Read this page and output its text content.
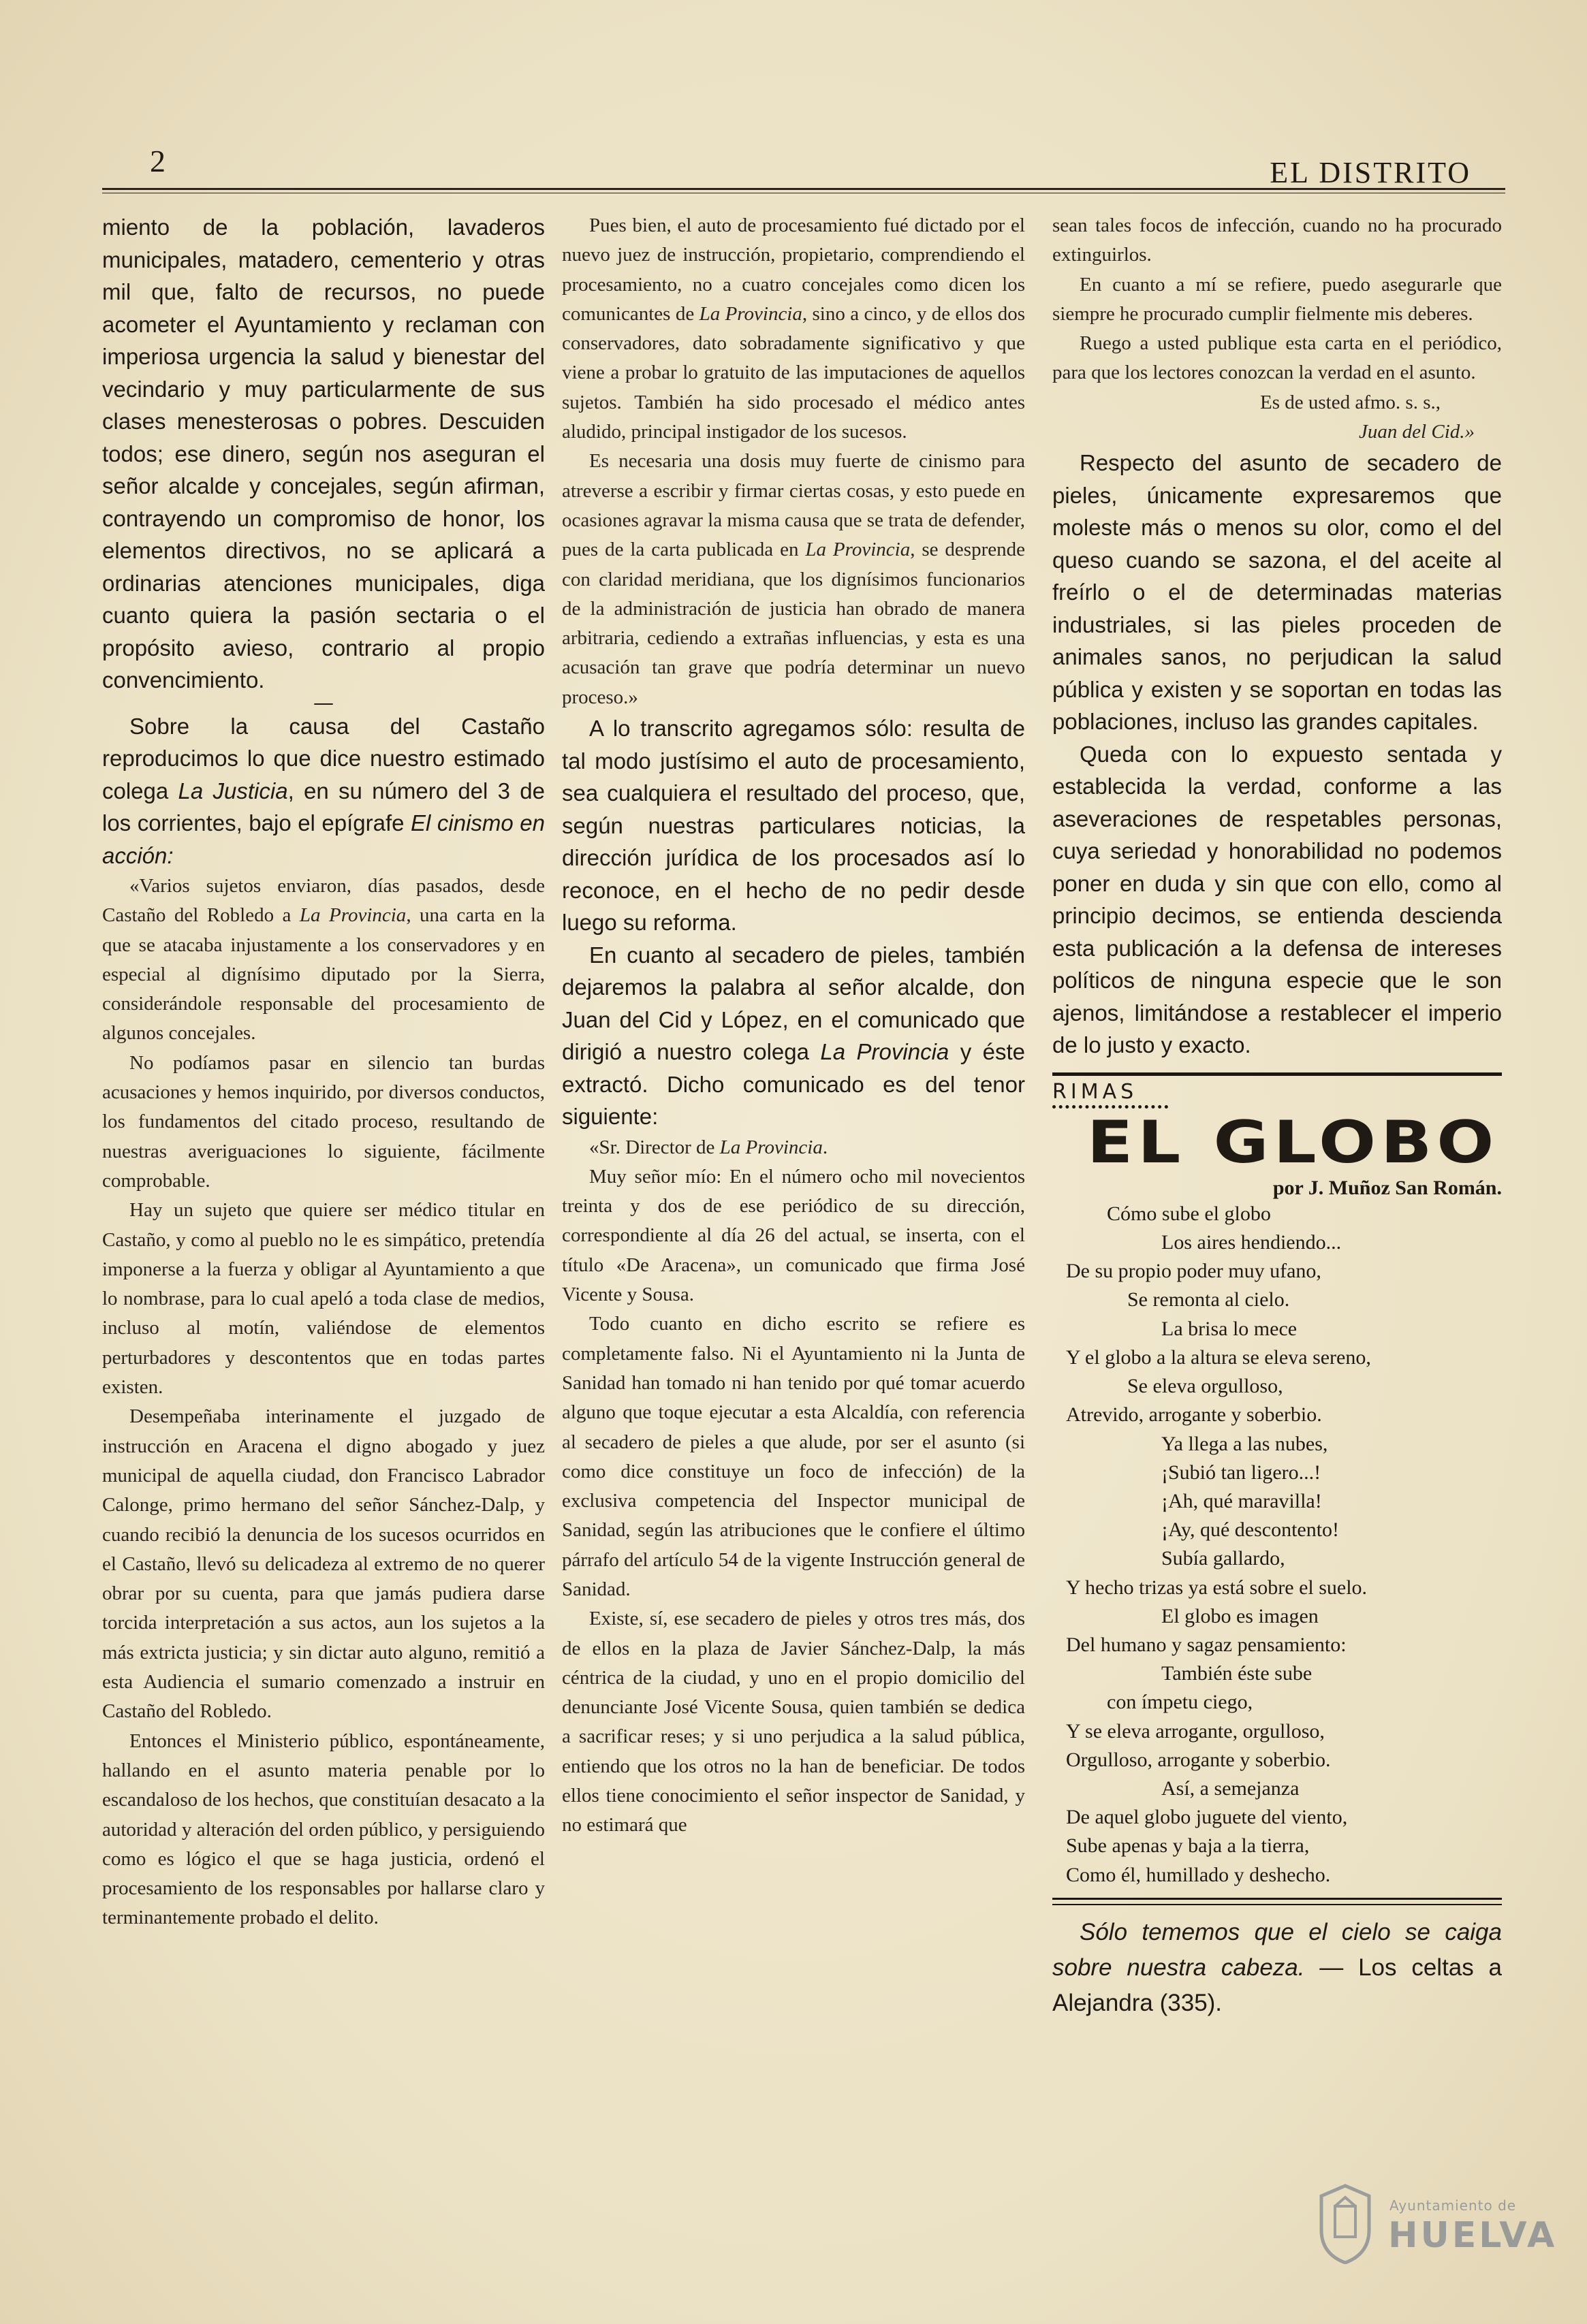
2	EL DISTRITO

miento de la población, lavaderos municipales, matadero, cementerio y otras mil que, falto de recursos, no puede acometer el Ayuntamiento y reclaman con imperiosa urgencia la salud y bienestar del vecindario y muy particularmente de sus clases menesterosas o pobres. Descuiden todos; ese dinero, según nos aseguran el señor alcalde y concejales, según afirman, contrayendo un compromiso de honor, los elementos directivos, no se aplicará a ordinarias atenciones municipales, diga cuanto quiera la pasión sectaria o el propósito avieso, contrario al propio convencimiento.

—

Sobre la causa del Castaño reproducimos lo que dice nuestro estimado colega La Justicia, en su número del 3 de los corrientes, bajo el epígrafe El cinismo en acción:

«Varios sujetos enviaron, días pasados, desde Castaño del Robledo a La Provincia, una carta en la que se atacaba injustamente a los conservadores y en especial al dignísimo diputado por la Sierra, considerándole responsable del procesamiento de algunos concejales.

No podíamos pasar en silencio tan burdas acusaciones y hemos inquirido, por diversos conductos, los fundamentos del citado proceso, resultando de nuestras averiguaciones lo siguiente, fácilmente comprobable.

Hay un sujeto que quiere ser médico titular en Castaño, y como al pueblo no le es simpático, pretendía imponerse a la fuerza y obligar al Ayuntamiento a que lo nombrase, para lo cual apeló a toda clase de medios, incluso al motín, valiéndose de elementos perturbadores y descontentos que en todas partes existen.

Desempeñaba interinamente el juzgado de instrucción en Aracena el digno abogado y juez municipal de aquella ciudad, don Francisco Labrador Calonge, primo hermano del señor Sánchez-Dalp, y cuando recibió la denuncia de los sucesos ocurridos en el Castaño, llevó su delicadeza al extremo de no querer obrar por su cuenta, para que jamás pudiera darse torcida interpretación a sus actos, aun los sujetos a la más extricta justicia; y sin dictar auto alguno, remitió a esta Audiencia el sumario comenzado a instruir en Castaño del Robledo.

Entonces el Ministerio público, espontáneamente, hallando en el asunto materia penable por lo escandaloso de los hechos, que constituían desacato a la autoridad y alteración del orden público, y persiguiendo como es lógico el que se haga justicia, ordenó el procesamiento de los responsables por hallarse claro y terminantemente probado el delito.

Pues bien, el auto de procesamiento fué dictado por el nuevo juez de instrucción, propietario, comprendiendo el procesamiento, no a cuatro concejales como dicen los comunicantes de La Provincia, sino a cinco, y de ellos dos conservadores, dato sobradamente significativo y que viene a probar lo gratuito de las imputaciones de aquellos sujetos. También ha sido procesado el médico antes aludido, principal instigador de los sucesos.

Es necesaria una dosis muy fuerte de cinismo para atreverse a escribir y firmar ciertas cosas, y esto puede en ocasiones agravar la misma causa que se trata de defender, pues de la carta publicada en La Provincia, se desprende con claridad meridiana, que los dignísimos funcionarios de la administración de justicia han obrado de manera arbitraria, cediendo a extrañas influencias, y esta es una acusación tan grave que podría determinar un nuevo proceso.»

A lo transcrito agregamos sólo: resulta de tal modo justísimo el auto de procesamiento, sea cualquiera el resultado del proceso, que, según nuestras particulares noticias, la dirección jurídica de los procesados así lo reconoce, en el hecho de no pedir desde luego su reforma.

En cuanto al secadero de pieles, también dejaremos la palabra al señor alcalde, don Juan del Cid y López, en el comunicado que dirigió a nuestro colega La Provincia y éste extractó. Dicho comunicado es del tenor siguiente:

«Sr. Director de La Provincia.

Muy señor mío: En el número ocho mil novecientos treinta y dos de ese periódico de su dirección, correspondiente al día 26 del actual, se inserta, con el título «De Aracena», un comunicado que firma José Vicente y Sousa.

Todo cuanto en dicho escrito se refiere es completamente falso. Ni el Ayuntamiento ni la Junta de Sanidad han tomado ni han tenido por qué tomar acuerdo alguno que toque ejecutar a esta Alcaldía, con referencia al secadero de pieles a que alude, por ser el asunto (si como dice constituye un foco de infección) de la exclusiva competencia del Inspector municipal de Sanidad, según las atribuciones que le confiere el último párrafo del artículo 54 de la vigente Instrucción general de Sanidad.

Existe, sí, ese secadero de pieles y otros tres más, dos de ellos en la plaza de Javier Sánchez-Dalp, la más céntrica de la ciudad, y uno en el propio domicilio del denunciante José Vicente Sousa, quien también se dedica a sacrificar reses; y si uno perjudica a la salud pública, entiendo que los otros no la han de beneficiar. De todos ellos tiene conocimiento el señor inspector de Sanidad, y no estimará que

sean tales focos de infección, cuando no ha procurado extinguirlos.

En cuanto a mí se refiere, puedo asegurarle que siempre he procurado cumplir fielmente mis deberes.

Ruego a usted publique esta carta en el periódico, para que los lectores conozcan la verdad en el asunto.

Es de usted afmo. s. s.,

Juan del Cid.»

Respecto del asunto de secadero de pieles, únicamente expresaremos que moleste más o menos su olor, como el del queso cuando se sazona, el del aceite al freírlo o el de determinadas materias industriales, si las pieles proceden de animales sanos, no perjudican la salud pública y existen y se soportan en todas las poblaciones, incluso las grandes capitales.

Queda con lo expuesto sentada y establecida la verdad, conforme a las aseveraciones de respetables personas, cuya seriedad y honorabilidad no podemos poner en duda y sin que con ello, como al principio decimos, se entienda descienda esta publicación a la defensa de intereses políticos de ninguna especie que le son ajenos, limitándose a restablecer el imperio de lo justo y exacto.

RIMAS

EL GLOBO

por J. Muñoz San Román.

Cómo sube el globo
Los aires hendiendo...
De su propio poder muy ufano,
Se remonta al cielo.
La brisa lo mece
Y el globo a la altura se eleva sereno,
Se eleva orgulloso,
Atrevido, arrogante y soberbio.
Ya llega a las nubes,
¡Subió tan ligero...!
¡Ah, qué maravilla!
¡Ay, qué descontento!
Subía gallardo,
Y hecho trizas ya está sobre el suelo.
El globo es imagen
Del humano y sagaz pensamiento:
También éste sube
con ímpetu ciego,
Y se eleva arrogante, orgulloso,
Orgulloso, arrogante y soberbio.
Así, a semejanza
De aquel globo juguete del viento,
Sube apenas y baja a la tierra,
Como él, humillado y deshecho.

Sólo tememos que el cielo se caiga sobre nuestra cabeza. — Los celtas a Alejandra (335).

Ayuntamiento de
HUELVA
